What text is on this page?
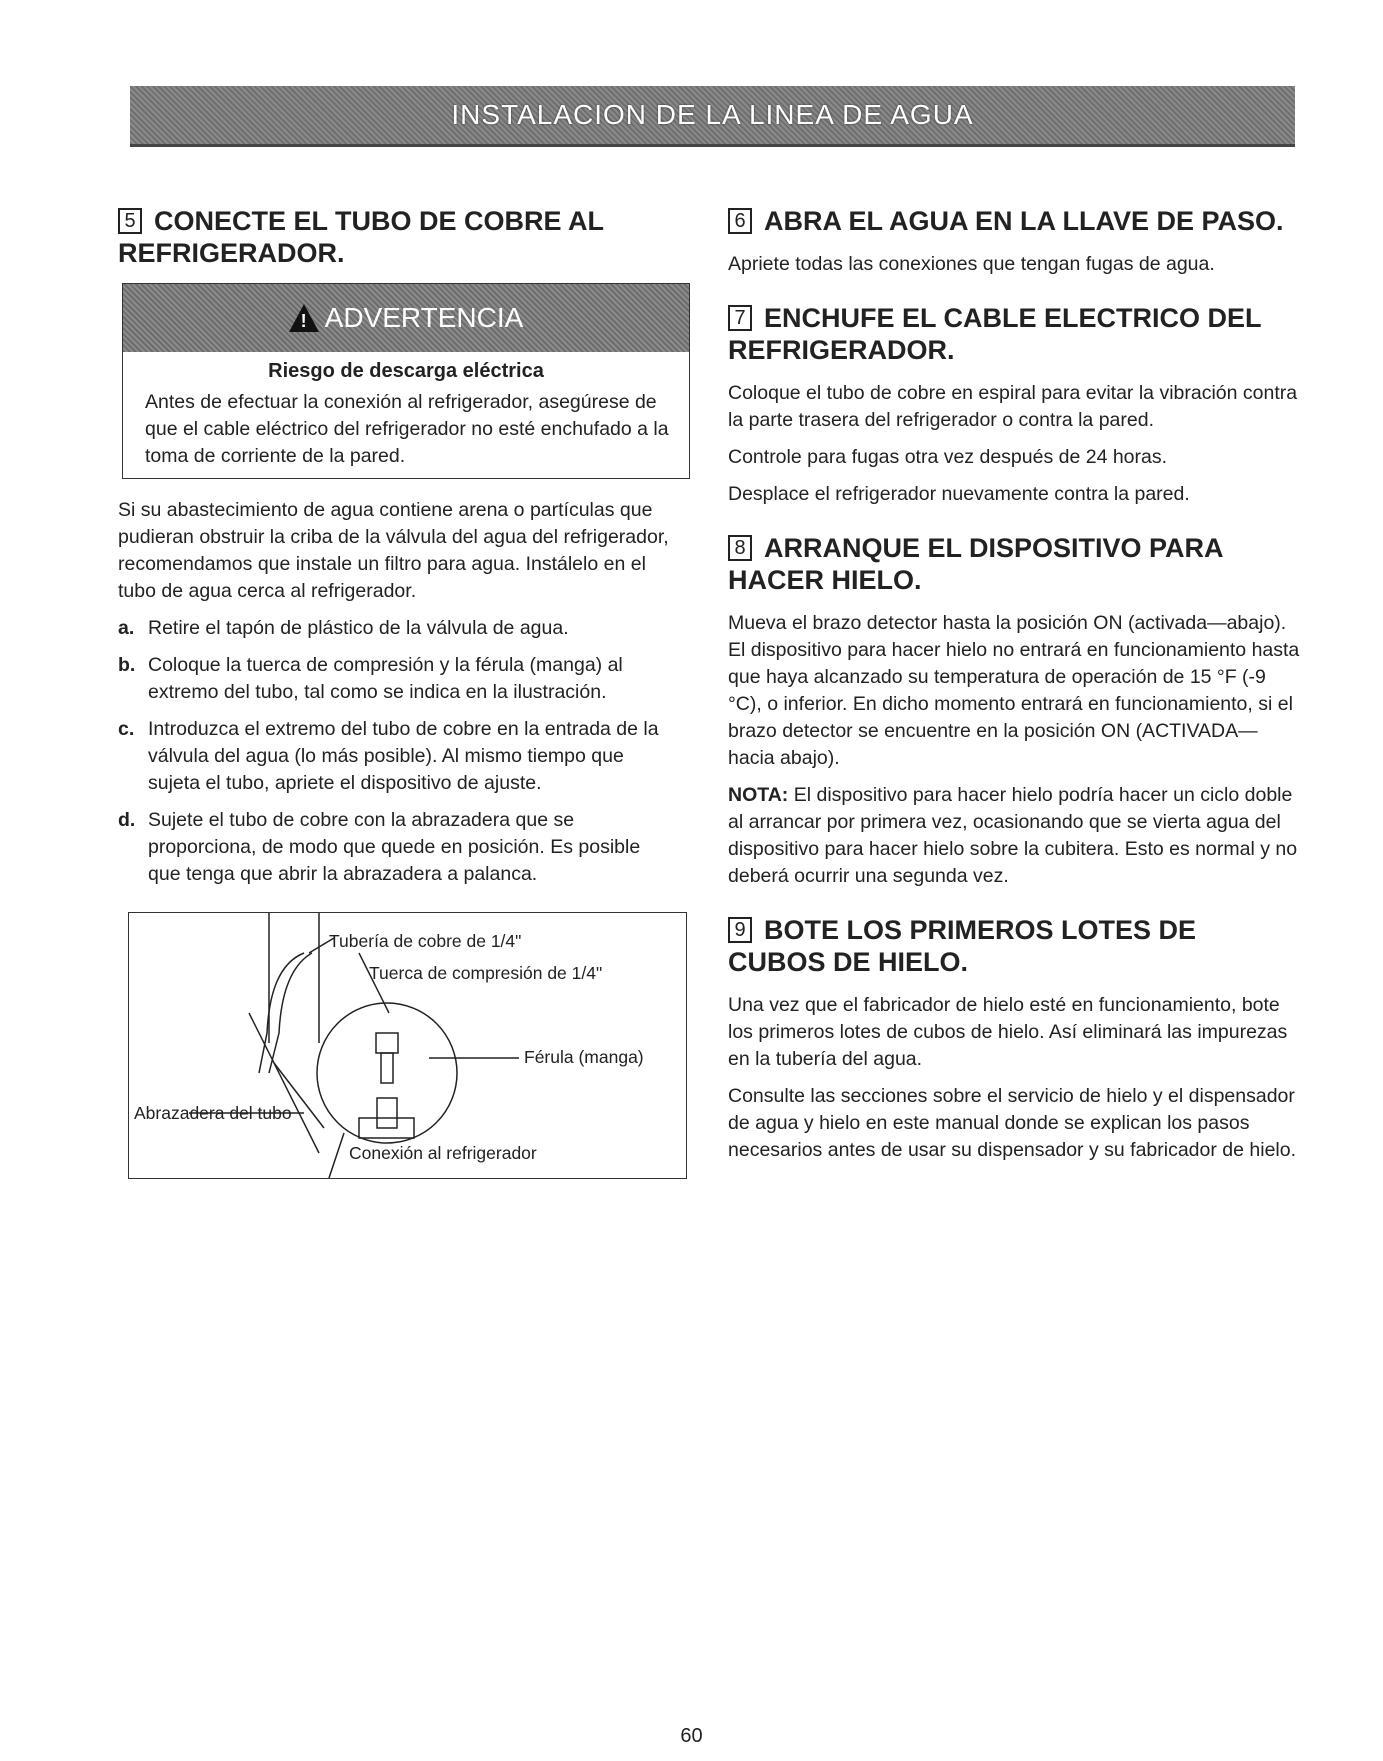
INSTALACION DE LA LINEA DE AGUA
5 CONECTE EL TUBO DE COBRE AL REFRIGERADOR.
! ADVERTENCIA
Riesgo de descarga eléctrica
Antes de efectuar la conexión al refrigerador, asegúrese de que el cable eléctrico del refrigerador no esté enchufado a la toma de corriente de la pared.

Si su abastecimiento de agua contiene arena o partículas que pudieran obstruir la criba de la válvula del agua del refrigerador, recomendamos que instale un filtro para agua. Instálelo en el tubo de agua cerca al refrigerador.

a. Retire el tapón de plástico de la válvula de agua.
b. Coloque la tuerca de compresión y la férula (manga) al extremo del tubo, tal como se indica en la ilustración.
c. Introduzca el extremo del tubo de cobre en la entrada de la válvula del agua (lo más posible). Al mismo tiempo que sujeta el tubo, apriete el dispositivo de ajuste.
d. Sujete el tubo de cobre con la abrazadera que se proporciona, de modo que quede en posición. Es posible que tenga que abrir la abrazadera a palanca.
Tubería de cobre de 1/4"
Tuerca de compresión de 1/4"
Férula (manga)
Abrazadera del tubo
Conexión al refrigerador
6 ABRA EL AGUA EN LA LLAVE DE PASO.

Apriete todas las conexiones que tengan fugas de agua.

7 ENCHUFE EL CABLE ELECTRICO DEL REFRIGERADOR.

Coloque el tubo de cobre en espiral para evitar la vibración contra la parte trasera del refrigerador o contra la pared.

Controle para fugas otra vez después de 24 horas.

Desplace el refrigerador nuevamente contra la pared.

8 ARRANQUE EL DISPOSITIVO PARA HACER HIELO.

Mueva el brazo detector hasta la posición ON (activada—abajo). El dispositivo para hacer hielo no entrará en funcionamiento hasta que haya alcanzado su temperatura de operación de 15 °F (-9 °C), o inferior. En dicho momento entrará en funcionamiento, si el brazo detector se encuentre en la posición ON (ACTIVADA—hacia abajo).

NOTA: El dispositivo para hacer hielo podría hacer un ciclo doble al arrancar por primera vez, ocasionando que se vierta agua del dispositivo para hacer hielo sobre la cubitera. Esto es normal y no deberá ocurrir una segunda vez.

9 BOTE LOS PRIMEROS LOTES DE CUBOS DE HIELO.

Una vez que el fabricador de hielo esté en funcionamiento, bote los primeros lotes de cubos de hielo. Así eliminará las impurezas en la tubería del agua.

Consulte las secciones sobre el servicio de hielo y el dispensador de agua y hielo en este manual donde se explican los pasos necesarios antes de usar su dispensador y su fabricador de hielo.

60
